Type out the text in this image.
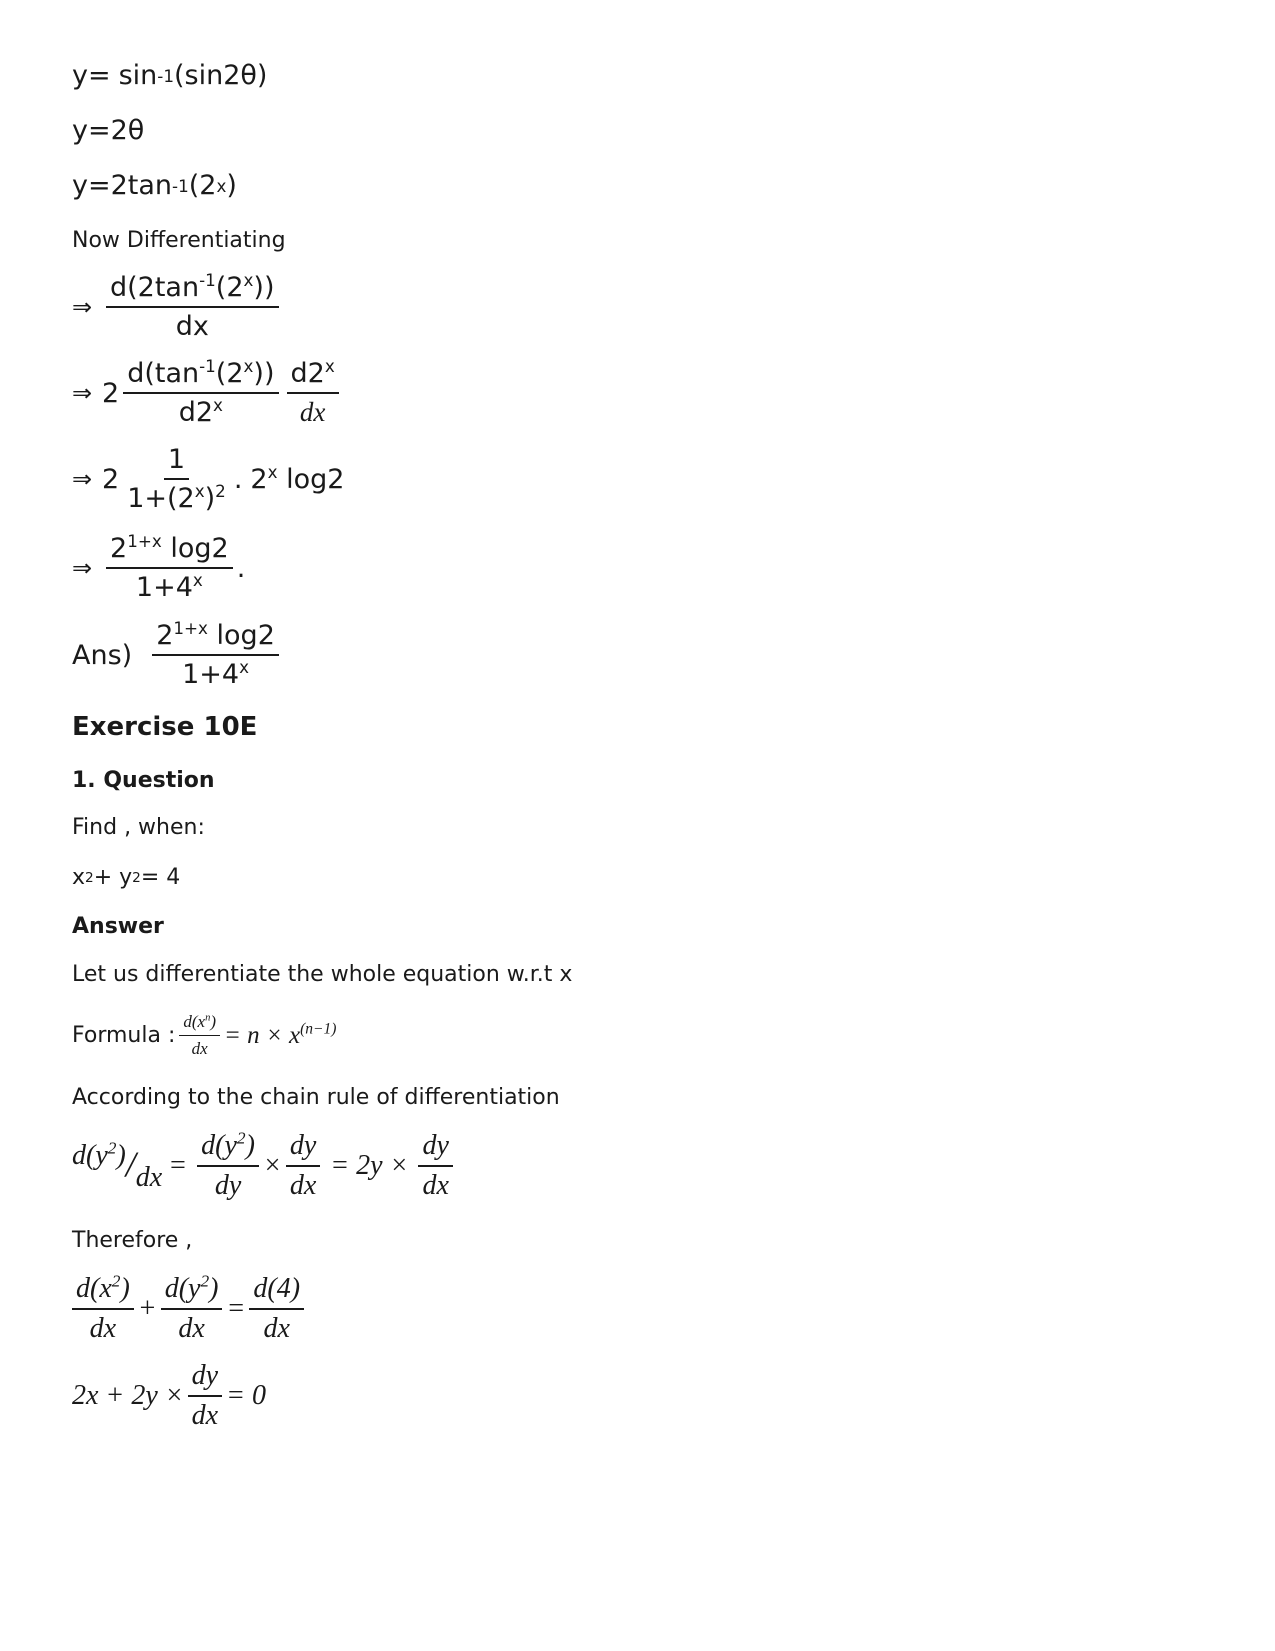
y= sin -1 (sin2θ)
y=2θ
y=2tan -1 (2 x )
Now Differentiating
⇒ $\frac{d(2\tan^{-1}(2^x))}{dx}$
⇒ $2 \frac{d(\tan^{-1}(2^x))}{d2^x} \frac{d2^x}{dx}$
⇒ $2 \frac{1}{1+(2^x)^2}$ . 2$^x$ log2
⇒ $\frac{2^{1+x} \log 2}{1+4^x}$ .
$Ans) \frac{2^{1+x} \log 2}{1+4^x}$
Exercise 10E
1. Question
Find , when:
x 2 + y 2 = 4
Answer
Let us differentiate the whole equation w.r.t x
Formula : $\frac{d(x^n)}{dx} = n \times x^{(n-1)}$
According to the chain rule of differentiation
$d(y^2)$ / dx = $\frac{d(y^2)}{dy} \times \frac{dy}{dx} = 2y \times \frac{dy}{dx}$
Therefore ,
$\frac{d(x^2)}{dx} + \frac{d(y^2)}{dx} = \frac{d(4)}{dx}$
$2x + 2y \times \frac{dy}{dx} = 0$
